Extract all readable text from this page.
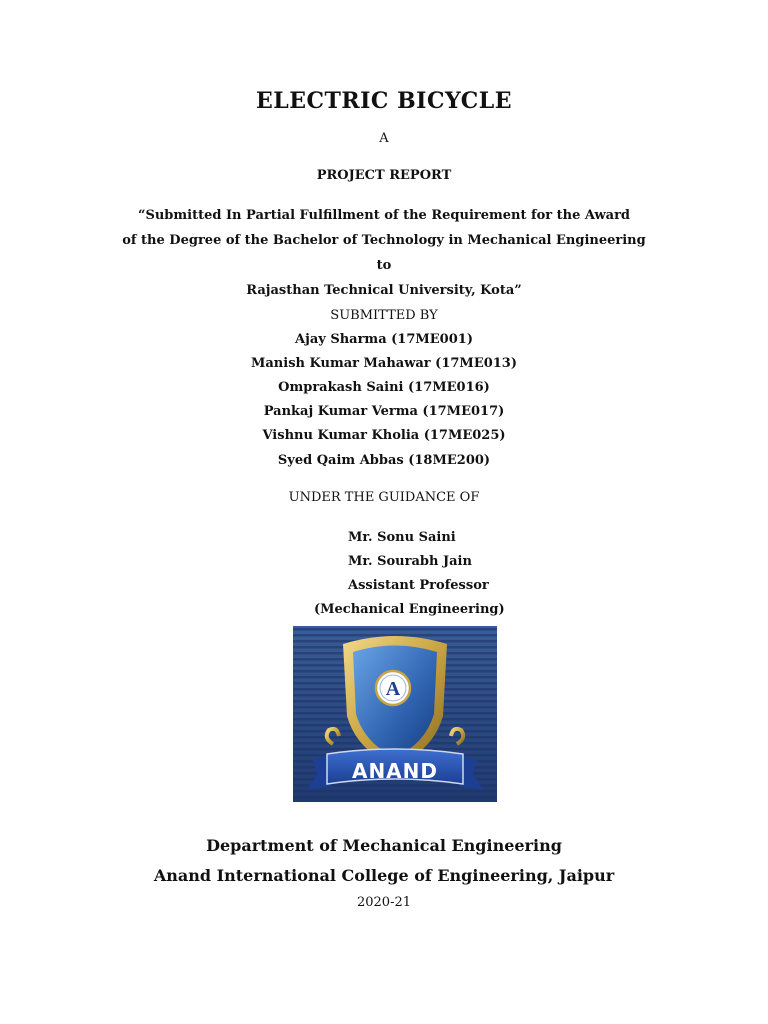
ELECTRIC BICYCLE
A
PROJECT REPORT
“Submitted In Partial Fulfillment of the Requirement for the Award
of the Degree of the Bachelor of Technology in Mechanical Engineering
to
Rajasthan Technical University, Kota”
SUBMITTED BY
Ajay Sharma (17ME001)
Manish Kumar Mahawar (17ME013)
Omprakash Saini (17ME016)
Pankaj Kumar Verma (17ME017)
Vishnu Kumar Kholia (17ME025)
Syed Qaim Abbas (18ME200)
UNDER THE GUIDANCE OF
Mr. Sonu Saini
Mr. Sourabh Jain
Assistant Professor
(Mechanical Engineering)
A
ANAND
Department of Mechanical Engineering
Anand International College of Engineering, Jaipur
2020-21
